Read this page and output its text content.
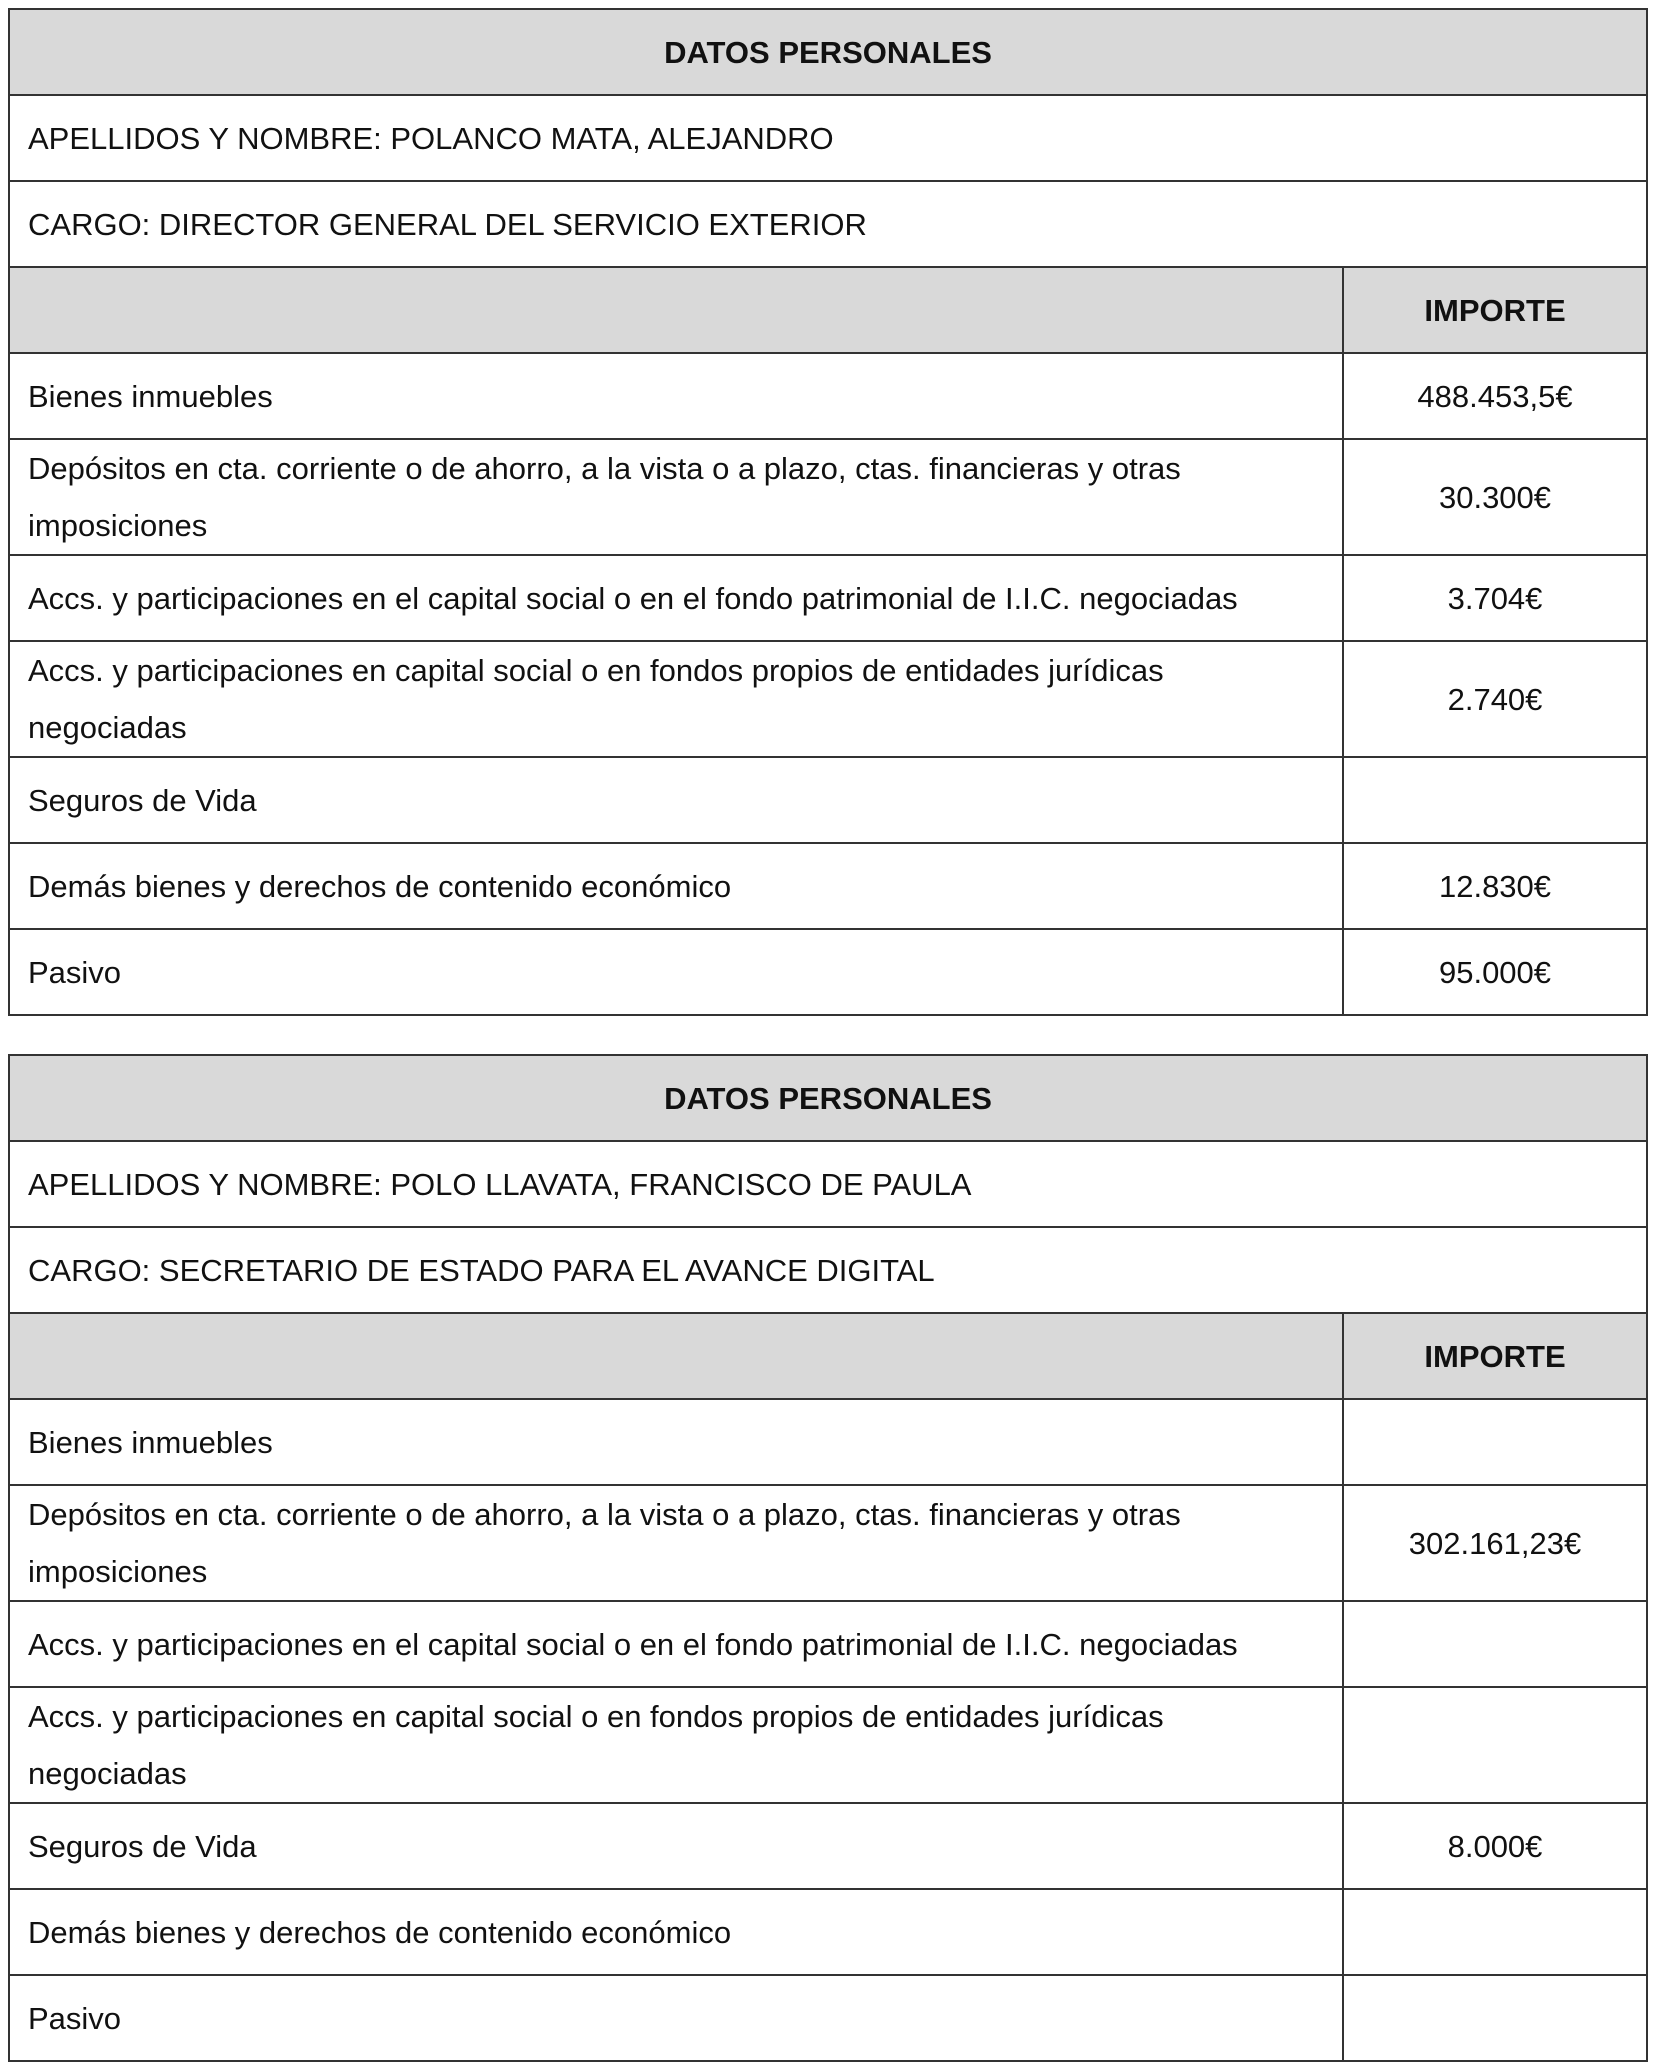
DATOS PERSONALES	
APELLIDOS Y NOMBRE: POLANCO MATA, ALEJANDRO	
CARGO: DIRECTOR GENERAL DEL SERVICIO EXTERIOR	
	IMPORTE
Bienes inmuebles	488.453,5€
Depósitos en cta. corriente o de ahorro, a la vista o a plazo, ctas. financieras y otras imposiciones	30.300€
Accs. y participaciones en el capital social o en el fondo patrimonial de I.I.C. negociadas	3.704€
Accs. y participaciones en capital social o en fondos propios de entidades jurídicas negociadas	2.740€
Seguros de Vida	
Demás bienes y derechos de contenido económico	12.830€
Pasivo	95.000€
DATOS PERSONALES	
APELLIDOS Y NOMBRE: POLO LLAVATA, FRANCISCO DE PAULA	
CARGO: SECRETARIO DE ESTADO PARA EL AVANCE DIGITAL	
	IMPORTE
Bienes inmuebles	
Depósitos en cta. corriente o de ahorro, a la vista o a plazo, ctas. financieras y otras imposiciones	302.161,23€
Accs. y participaciones en el capital social o en el fondo patrimonial de I.I.C. negociadas	
Accs. y participaciones en capital social o en fondos propios de entidades jurídicas negociadas	
Seguros de Vida	8.000€
Demás bienes y derechos de contenido económico	
Pasivo	
